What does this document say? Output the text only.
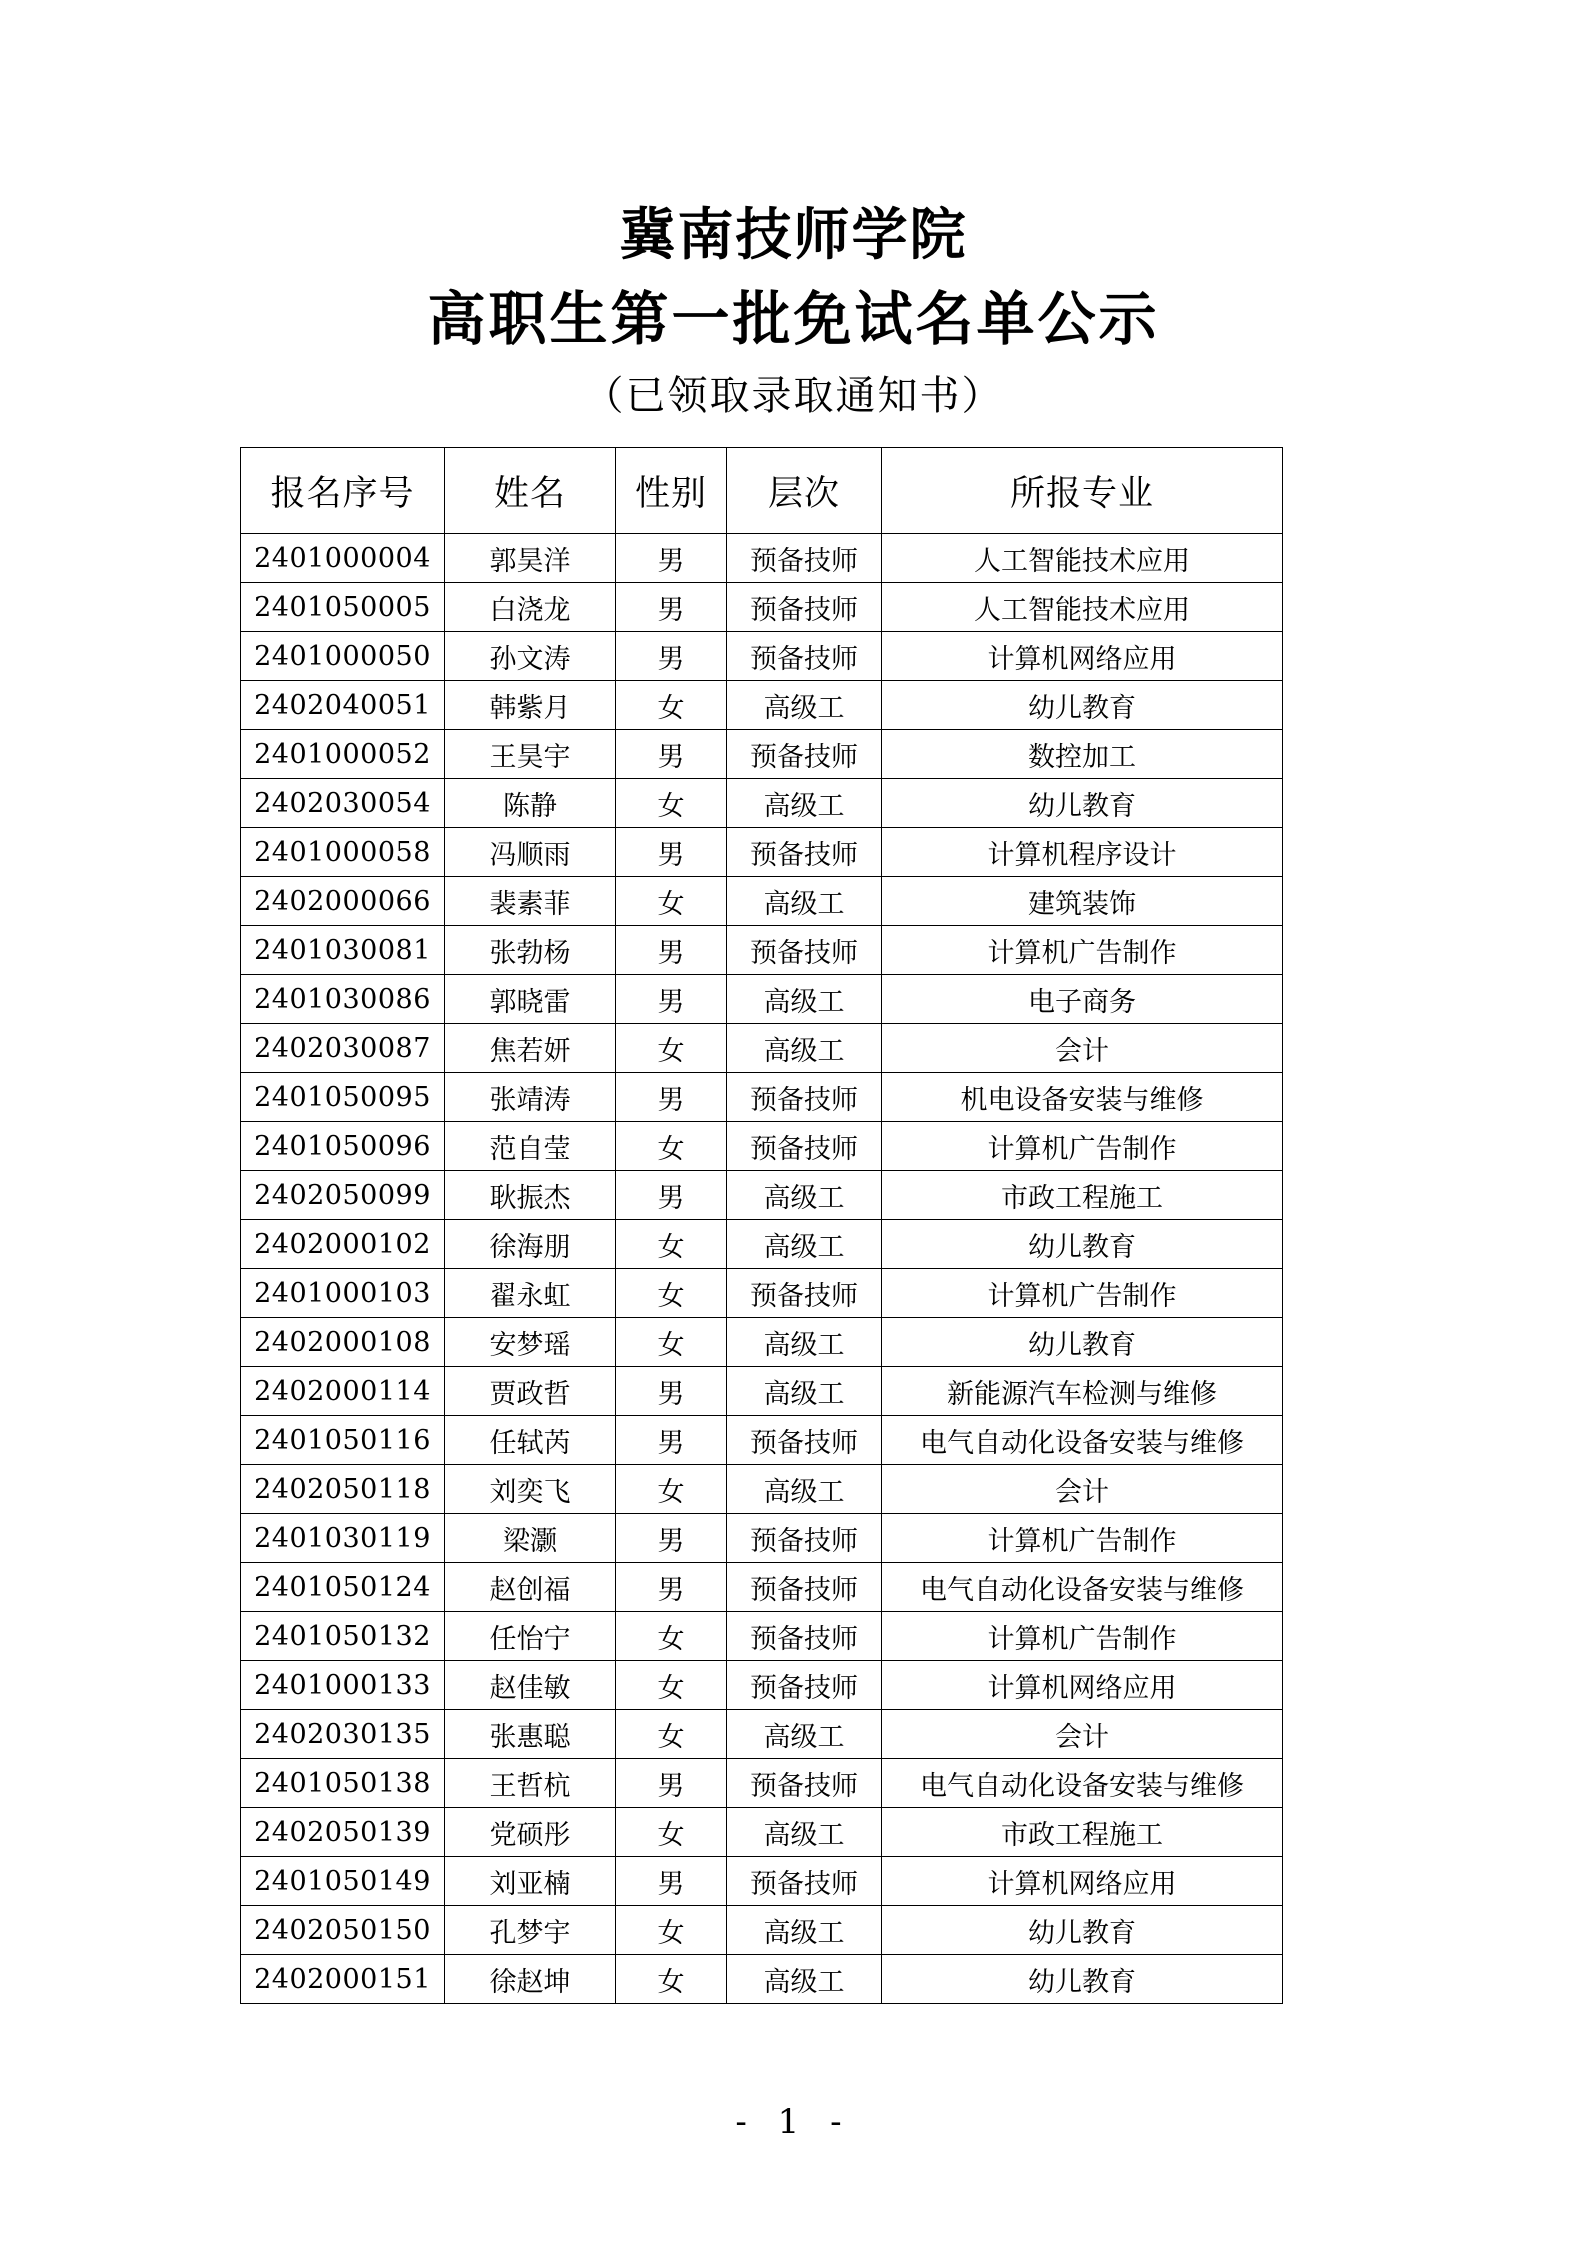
冀南技师学院
高职生第一批免试名单公示
（已领取录取通知书）
报名序号	姓名	性别	层次	所报专业
2401000004	郭昊洋	男	预备技师	人工智能技术应用
2401050005	白浇龙	男	预备技师	人工智能技术应用
2401000050	孙文涛	男	预备技师	计算机网络应用
2402040051	韩紫月	女	高级工	幼儿教育
2401000052	王昊宇	男	预备技师	数控加工
2402030054	陈静	女	高级工	幼儿教育
2401000058	冯顺雨	男	预备技师	计算机程序设计
2402000066	裴素菲	女	高级工	建筑装饰
2401030081	张勃杨	男	预备技师	计算机广告制作
2401030086	郭晓雷	男	高级工	电子商务
2402030087	焦若妍	女	高级工	会计
2401050095	张靖涛	男	预备技师	机电设备安装与维修
2401050096	范自莹	女	预备技师	计算机广告制作
2402050099	耿振杰	男	高级工	市政工程施工
2402000102	徐海朋	女	高级工	幼儿教育
2401000103	翟永虹	女	预备技师	计算机广告制作
2402000108	安梦瑶	女	高级工	幼儿教育
2402000114	贾政哲	男	高级工	新能源汽车检测与维修
2401050116	任轼芮	男	预备技师	电气自动化设备安装与维修
2402050118	刘奕飞	女	高级工	会计
2401030119	梁灏	男	预备技师	计算机广告制作
2401050124	赵创福	男	预备技师	电气自动化设备安装与维修
2401050132	任怡宁	女	预备技师	计算机广告制作
2401000133	赵佳敏	女	预备技师	计算机网络应用
2402030135	张惠聪	女	高级工	会计
2401050138	王哲杭	男	预备技师	电气自动化设备安装与维修
2402050139	党硕彤	女	高级工	市政工程施工
2401050149	刘亚楠	男	预备技师	计算机网络应用
2402050150	孔梦宇	女	高级工	幼儿教育
2402000151	徐赵坤	女	高级工	幼儿教育
- 1 -
